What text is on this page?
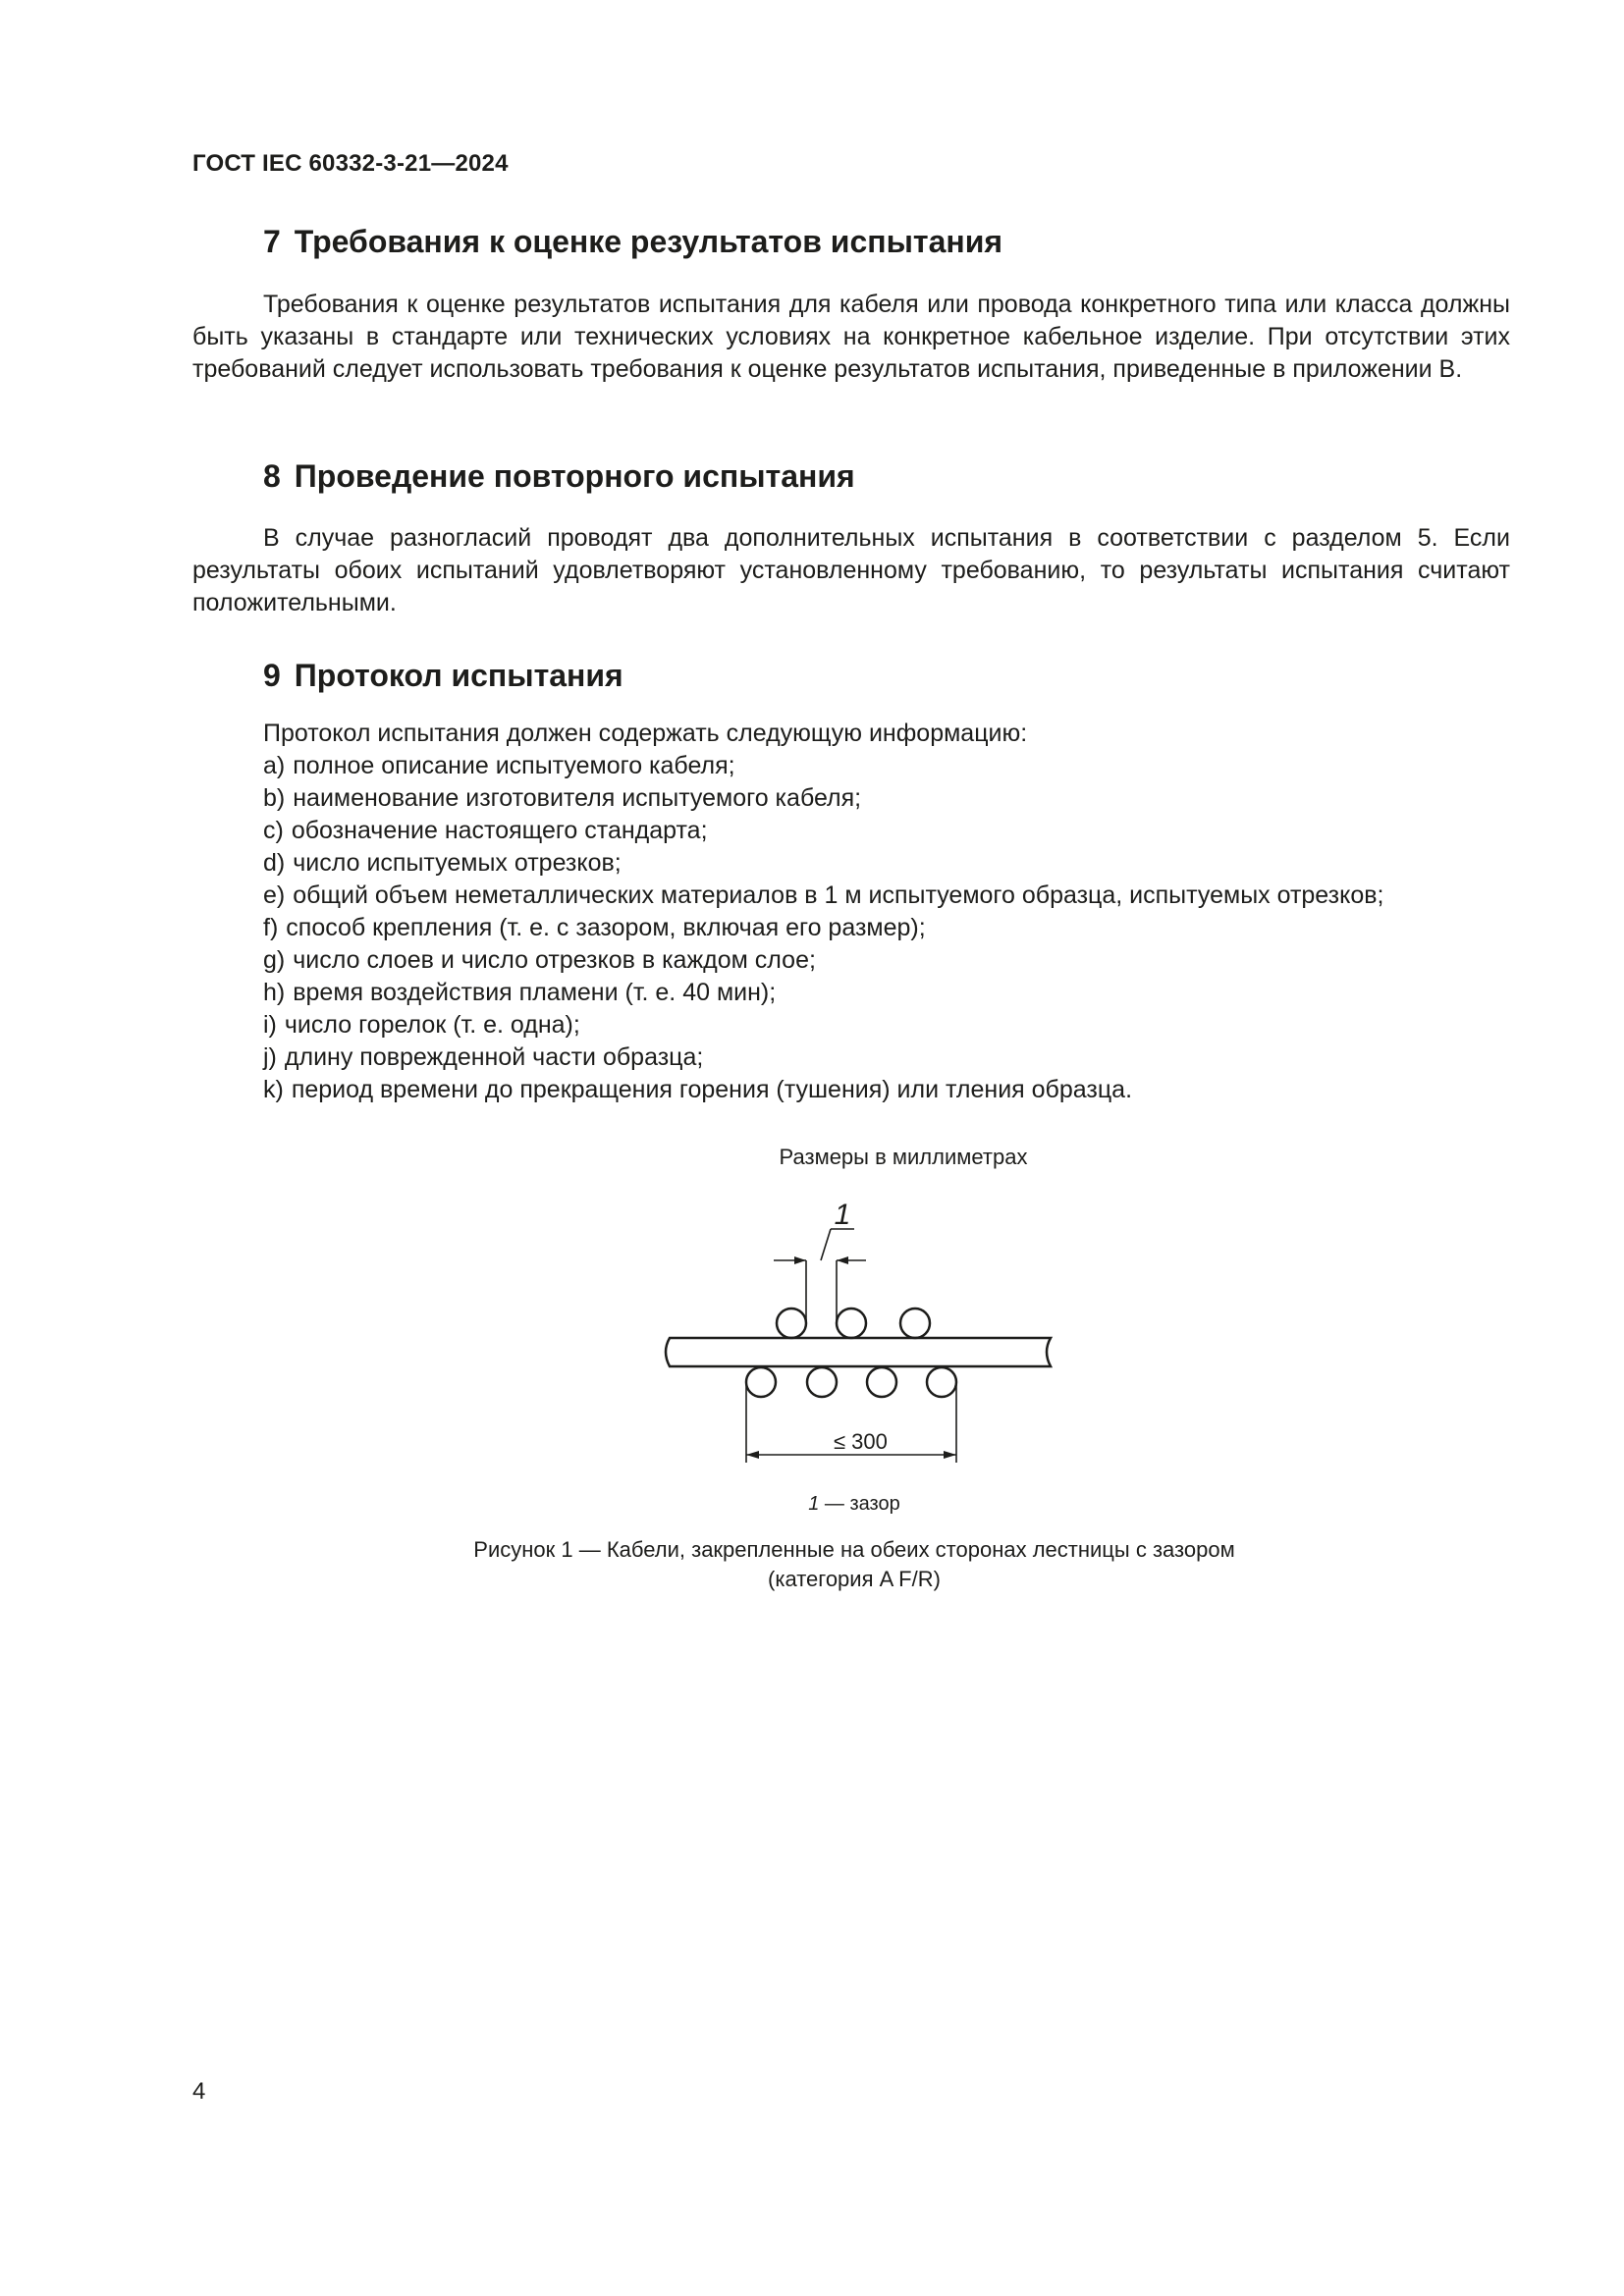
ГОСТ IEC 60332-3-21—2024
7 Требования к оценке результатов испытания
Требования к оценке результатов испытания для кабеля или провода конкретного типа или класса должны быть указаны в стандарте или технических условиях на конкретное кабельное изделие. При отсутствии этих требований следует использовать требования к оценке результатов испытания, приведенные в приложении B.
8 Проведение повторного испытания
В случае разногласий проводят два дополнительных испытания в соответствии с разделом 5. Если результаты обоих испытаний удовлетворяют установленному требованию, то результаты испытания считают положительными.
9 Протокол испытания
Протокол испытания должен содержать следующую информацию:
а) полное описание испытуемого кабеля;
b) наименование изготовителя испытуемого кабеля;
с) обозначение настоящего стандарта;
d) число испытуемых отрезков;
е) общий объем неметаллических материалов в 1 м испытуемого образца, испытуемых отрезков;
f) способ крепления (т. е. с зазором, включая его размер);
g) число слоев и число отрезков в каждом слое;
h) время воздействия пламени (т. е. 40 мин);
i) число горелок (т. е. одна);
j) длину поврежденной части образца;
k) период времени до прекращения горения (тушения) или тления образца.
Размеры в миллиметрах
1
≤ 300
1 — зазор
Рисунок 1 — Кабели, закрепленные на обеих сторонах лестницы с зазором
(категория A F/R)
4
